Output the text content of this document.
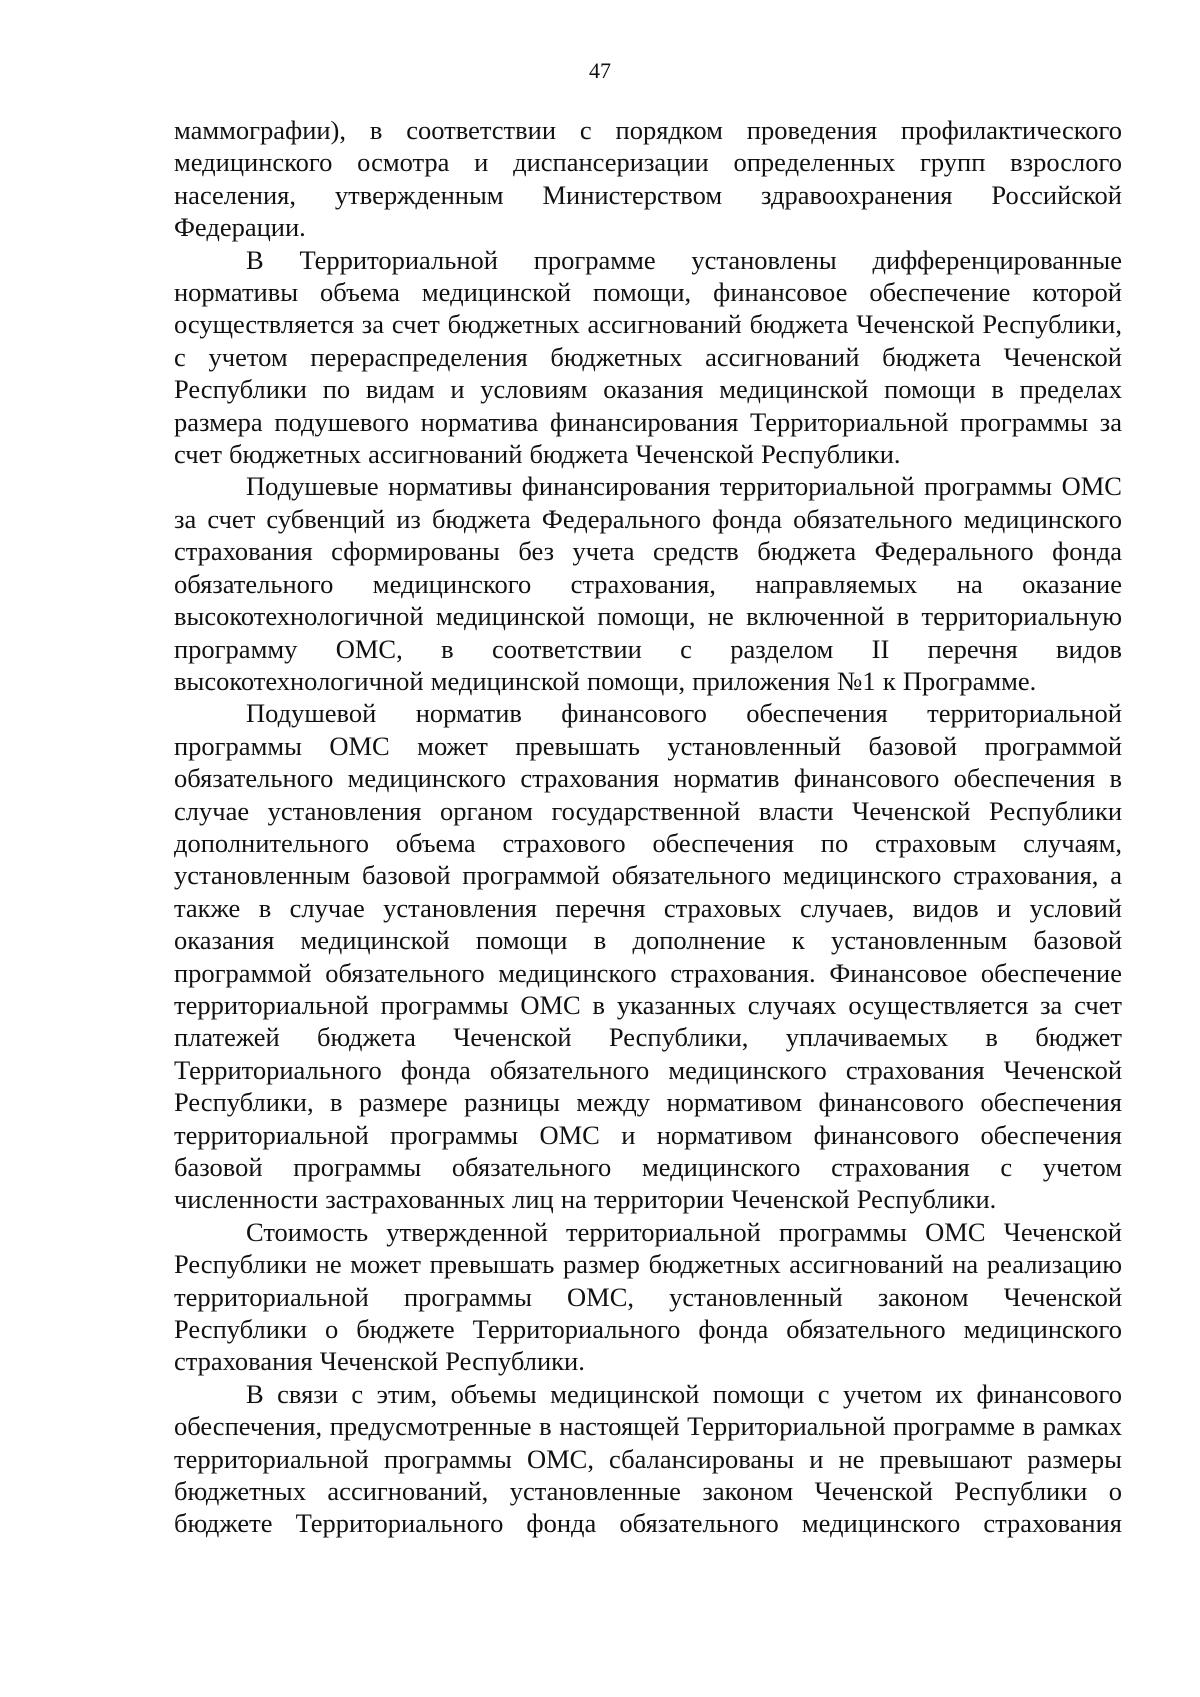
47

маммографии), в соответствии с порядком проведения профилактического медицинского осмотра и диспансеризации определенных групп взрослого населения, утвержденным Министерством здравоохранения Российской Федерации.

В Территориальной программе установлены дифференцированные нормативы объема медицинской помощи, финансовое обеспечение которой осуществляется за счет бюджетных ассигнований бюджета Чеченской Республики, с учетом перераспределения бюджетных ассигнований бюджета Чеченской Республики по видам и условиям оказания медицинской помощи в пределах размера подушевого норматива финансирования Территориальной программы за счет бюджетных ассигнований бюджета Чеченской Республики.

Подушевые нормативы финансирования территориальной программы ОМС за счет субвенций из бюджета Федерального фонда обязательного медицинского страхования сформированы без учета средств бюджета Федерального фонда обязательного медицинского страхования, направляемых на оказание высокотехнологичной медицинской помощи, не включенной в территориальную программу ОМС, в соответствии с разделом II перечня видов высокотехнологичной медицинской помощи, приложения №1 к Программе.

Подушевой норматив финансового обеспечения территориальной программы ОМС может превышать установленный базовой программой обязательного медицинского страхования норматив финансового обеспечения в случае установления органом государственной власти Чеченской Республики дополнительного объема страхового обеспечения по страховым случаям, установленным базовой программой обязательного медицинского страхования, а также в случае установления перечня страховых случаев, видов и условий оказания медицинской помощи в дополнение к установленным базовой программой обязательного медицинского страхования. Финансовое обеспечение территориальной программы ОМС в указанных случаях осуществляется за счет платежей бюджета Чеченской Республики, уплачиваемых в бюджет Территориального фонда обязательного медицинского страхования Чеченской Республики, в размере разницы между нормативом финансового обеспечения территориальной программы ОМС и нормативом финансового обеспечения базовой программы обязательного медицинского страхования с учетом численности застрахованных лиц на территории Чеченской Республики.

Стоимость утвержденной территориальной программы ОМС Чеченской Республики не может превышать размер бюджетных ассигнований на реализацию территориальной программы ОМС, установленный законом Чеченской Республики о бюджете Территориального фонда обязательного медицинского страхования Чеченской Республики.

В связи с этим, объемы медицинской помощи с учетом их финансового обеспечения, предусмотренные в настоящей Территориальной программе в рамках территориальной программы ОМС, сбалансированы и не превышают размеры бюджетных ассигнований, установленные законом Чеченской Республики о бюджете Территориального фонда обязательного медицинского страхования
